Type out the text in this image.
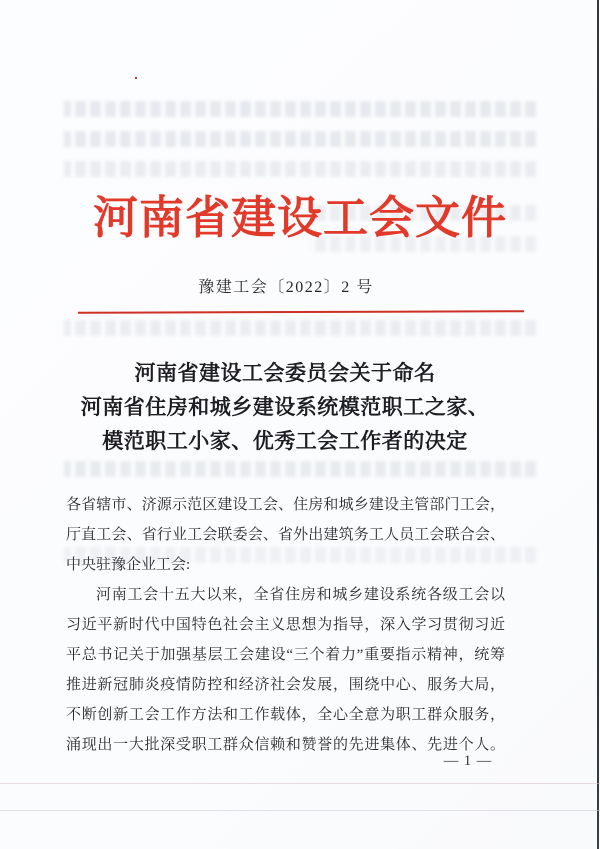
河南省建设工会文件
豫建工会〔2022〕2 号
河南省建设工会委员会关于命名
河南省住房和城乡建设系统模范职工之家、
模范职工小家、优秀工会工作者的决定
各省辖市、济源示范区建设工会、住房和城乡建设主管部门工会，
厅直工会、省行业工会联委会、省外出建筑务工人员工会联合会、
中央驻豫企业工会:
河南工会十五大以来，全省住房和城乡建设系统各级工会以
习近平新时代中国特色社会主义思想为指导，深入学习贯彻习近
平总书记关于加强基层工会建设“三个着力”重要指示精神，统筹
推进新冠肺炎疫情防控和经济社会发展，围绕中心、服务大局，
不断创新工会工作方法和工作载体，全心全意为职工群众服务，
涌现出一大批深受职工群众信赖和赞誉的先进集体、先进个人。
— 1 —
